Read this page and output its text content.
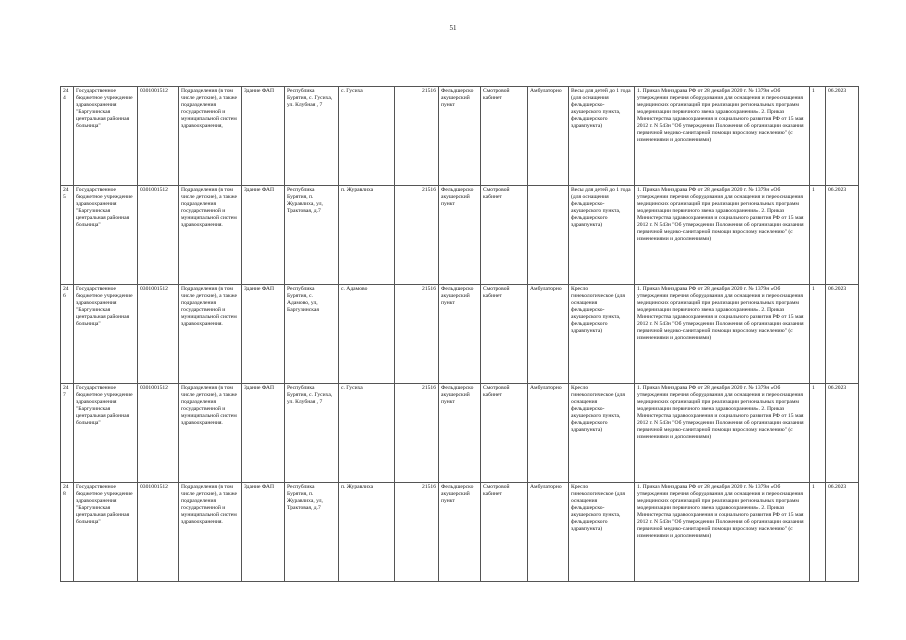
51
244	Государственное бюджетное учреждение здравоохранения "Баргузинская центральная районная больница"	0301001512	Подразделения (в том числе детские), а также подразделения государственной и муниципальной систем здравоохранения,	Здание ФАП	Республика Бурятия, с. Гусиха, ул. Клубная , 7	с. Гусиха	21516	Фельдшерско акушерский пункт	Смотровой кабинет	Амбулаторно	Весы для детей до 1 года (для оснащения фельдшерско-акушерского пункта, фельдшерского здравпункта)	1. Приказ Минздрава РФ от 28 декабря 2020 г. № 1379н «Об утверждении перечня оборудования для оснащения и переоснащения медицинских организаций при реализации региональных программ модернизации первичного звена здравоохранения». 2. Приказ Министерства здравоохранения и социального развития РФ от 15 мая 2012 г. N 543н "Об утверждении Положения об организации оказания первичной медико-санитарной помощи взрослому населению" (с изменениями и дополнениями)	1	06.2023
245	Государственное бюджетное учреждение здравоохранения "Баргузинская центральная районная больница"	0301001512	Подразделения (в том числе детские), а также подразделения государственной и муниципальной систем здравоохранения.	Здание ФАП	Республика Бурятия, п. Журавлиха, ул, Трактовая, д.7	п. Журавлиха	21516	Фельдшерско акушерский пункт	Смотровой кабинет		Весы для детей до 1 года (для оснащения фельдшерско-акушерского пункта, фельдшерского здравпункта)	1. Приказ Минздрава РФ от 28 декабря 2020 г. № 1379н «Об утверждении перечня оборудования для оснащения и переоснащения медицинских организаций при реализации региональных программ модернизации первичного звена здравоохранения». 2. Приказ Министерства здравоохранения и социального развития РФ от 15 мая 2012 г. N 543н "Об утверждении Положения об организации оказания первичной медико-санитарной помощи взрослому населению" (с изменениями и дополнениями)	1	06.2023
246	Государственное бюджетное учреждение здравоохранения "Баргузинская центральная районная больница"	0301001512	Подразделения (в том числе детские), а также подразделения государственной и муниципальной систем здравоохранения.	Здание ФАП	Республика Бурятия, с. Адамово, ул, Баргузинская	с. Адамово	21516	Фельдшерско акушерский пункт	Смотровой кабинет	Амбулаторно	Кресло гинекологическое (для оснащения фельдшерско-акушерского пункта, фельдшерского здравпункта)	1. Приказ Минздрава РФ от 28 декабря 2020 г. № 1379н «Об утверждении перечня оборудования для оснащения и переоснащения медицинских организаций при реализации региональных программ модернизации первичного звена здравоохранения». 2. Приказ Министерства здравоохранения и социального развития РФ от 15 мая 2012 г. N 543н "Об утверждении Положения об организации оказания первичной медико-санитарной помощи взрослому населению" (с изменениями и дополнениями)	1	06.2023
247	Государственное бюджетное учреждение здравоохранения "Баргузинская центральная районная больница"	0301001512	Подразделения (в том числе детские), а также подразделения государственной и муниципальной систем здравоохранения.	Здание ФАП	Республика Бурятия, с. Гусиха, ул. Клубная , 7	с. Гусиха	21516	Фельдшерско акушерский пункт	Смотровой кабинет	Амбулаторно	Кресло гинекологическое (для оснащения фельдшерско-акушерского пункта, фельдшерского здравпункта)	1. Приказ Минздрава РФ от 28 декабря 2020 г. № 1379н «Об утверждении перечня оборудования для оснащения и переоснащения медицинских организаций при реализации региональных программ модернизации первичного звена здравоохранения». 2. Приказ Министерства здравоохранения и социального развития РФ от 15 мая 2012 г. N 543н "Об утверждении Положения об организации оказания первичной медико-санитарной помощи взрослому населению" (с изменениями и дополнениями)	1	06.2023
248	Государственное бюджетное учреждение здравоохранения "Баргузинская центральная районная больница"	0301001512	Подразделения (в том числе детские), а также подразделения государственной и муниципальной систем здравоохранения.	Здание ФАП	Республика Бурятия, п. Журавлиха, ул, Трактовая, д.7	п. Журавлиха	21516	Фельдшерско акушерский пункт	Смотровой кабинет	Амбулаторно	Кресло гинекологическое (для оснащения фельдшерско-акушерского пункта, фельдшерского здравпункта)	1. Приказ Минздрава РФ от 28 декабря 2020 г. № 1379н «Об утверждении перечня оборудования для оснащения и переоснащения медицинских организаций при реализации региональных программ модернизации первичного звена здравоохранения». 2. Приказ Министерства здравоохранения и социального развития РФ от 15 мая 2012 г. N 543н "Об утверждении Положения об организации оказания первичной медико-санитарной помощи взрослому населению" (с изменениями и дополнениями)	1	06.2023
